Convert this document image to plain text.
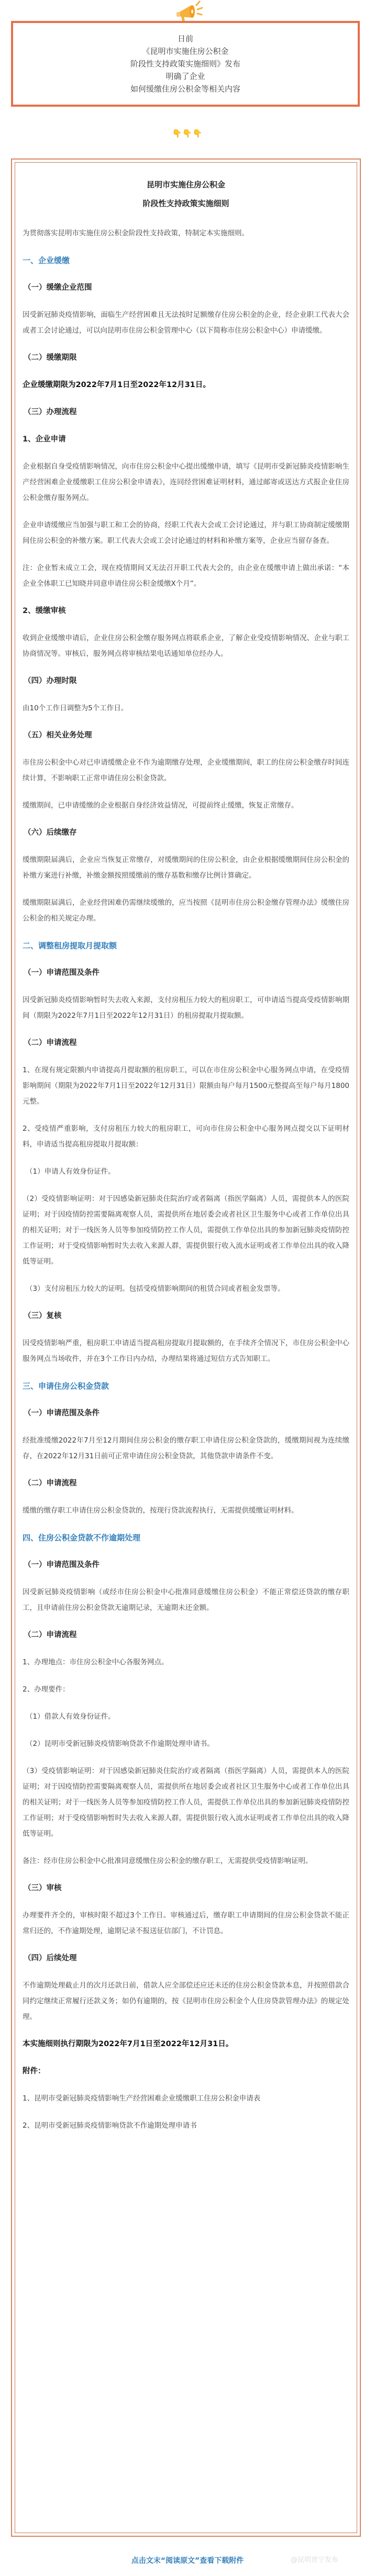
日前
《昆明市实施住房公积金
阶段性支持政策实施细则》发布
明确了企业
如何缓缴住房公积金等相关内容
👇👇👇
昆明市实施住房公积金
阶段性支持政策实施细则

为贯彻落实昆明市实施住房公积金阶段性支持政策，特制定本实施细则。

一、企业缓缴

（一）缓缴企业范围

因受新冠肺炎疫情影响，面临生产经营困难且无法按时足额缴存住房公积金的企业，经企业职工代表大会或者工会讨论通过，可以向昆明市住房公积金管理中心（以下简称市住房公积金中心）申请缓缴。

（二）缓缴期限

企业缓缴期限为2022年7月1日至2022年12月31日。

（三）办理流程

1、企业申请

企业根据自身受疫情影响情况，向市住房公积金中心提出缓缴申请，填写《昆明市受新冠肺炎疫情影响生产经营困难企业缓缴职工住房公积金申请表》，连同经营困难证明材料，通过邮寄或送达方式报企业住房公积金缴存服务网点。

企业申请缓缴应当加强与职工和工会的协商，经职工代表大会或工会讨论通过，并与职工协商制定缓缴期间住房公积金的补缴方案。职工代表大会或工会讨论通过的材料和补缴方案等，企业应当留存备查。

注：企业暂未成立工会，现在疫情期间又无法召开职工代表大会的，由企业在缓缴申请上做出承诺：“本企业全体职工已知晓并同意申请住房公积金缓缴X个月”。

2、缓缴审核

收到企业缓缴申请后，企业住房公积金缴存服务网点将联系企业，了解企业受疫情影响情况、企业与职工协商情况等。审核后，服务网点将审核结果电话通知单位经办人。

（四）办理时限

由10个工作日调整为5个工作日。

（五）相关业务处理

市住房公积金中心对已申请缓缴企业不作为逾期缴存处理，企业缓缴期间，职工的住房公积金缴存时间连续计算，不影响职工正常申请住房公积金贷款。

缓缴期间，已申请缓缴的企业根据自身经济效益情况，可提前终止缓缴，恢复正常缴存。

（六）后续缴存

缓缴期限届满后，企业应当恢复正常缴存，对缓缴期间的住房公积金，由企业根据缓缴期间住房公积金的补缴方案进行补缴，补缴金额按照缓缴前的缴存基数和缴存比例计算确定。

缓缴期限届满后，企业经营困难仍需继续缓缴的，应当按照《昆明市住房公积金缴存管理办法》缓缴住房公积金的相关规定办理。

二、调整租房提取月提取额

（一）申请范围及条件

因受新冠肺炎疫情影响暂时失去收入来源，支付房租压力较大的租房职工，可申请适当提高受疫情影响期间（期限为2022年7月1日至2022年12月31日）的租房提取月提取额。

（二）申请流程

1、在现有规定限额内申请提高月提取额的租房职工，可以在市住房公积金中心服务网点申请，在受疫情影响期间（期限为2022年7月1日至2022年12月31日）限额由每户每月1500元整提高至每户每月1800元整。

2、受疫情严重影响，支付房租压力较大的租房职工，可向市住房公积金中心服务网点提交以下证明材料，申请适当提高租房提取月提取额：

（1）申请人有效身份证件。

（2）受疫情影响证明：对于因感染新冠肺炎住院治疗或者隔离（指医学隔离）人员，需提供本人的医院证明；对于因疫情防控需要隔离观察人员，需提供所在地居委会或者社区卫生服务中心或者工作单位出具的相关证明；对于一线医务人员等参加疫情防控工作人员，需提供工作单位出具的参加新冠肺炎疫情防控工作证明；对于受疫情影响暂时失去收入来源人群，需提供银行收入流水证明或者工作单位出具的收入降低等证明。

（3）支付房租压力较大的证明。包括受疫情影响期间的租赁合同或者租金发票等。

（三）复核

因受疫情影响严重，租房职工申请适当提高租房提取月提取额的，在手续齐全情况下，市住房公积金中心服务网点当场收件，并在3个工作日内办结，办理结果将通过短信方式告知职工。

三、申请住房公积金贷款

（一）申请范围及条件

经批准缓缴2022年7月至12月期间住房公积金的缴存职工申请住房公积金贷款的，缓缴期间视为连续缴存，在2022年12月31日前可正常申请住房公积金贷款，其他贷款申请条件不变。

（二）申请流程

缓缴的缴存职工申请住房公积金贷款的，按现行贷款流程执行，无需提供缓缴证明材料。

四、住房公积金贷款不作逾期处理

（一）申请范围及条件

因受新冠肺炎疫情影响（或经市住房公积金中心批准同意缓缴住房公积金）不能正常偿还贷款的缴存职工，且申请前住房公积金贷款无逾期记录，无逾期未还金额。

（二）申请流程

1、办理地点：市住房公积金中心各服务网点。

2、办理要件：

（1）借款人有效身份证件。

（2）昆明市受新冠肺炎疫情影响贷款不作逾期处理申请书。

（3）受疫情影响证明：对于因感染新冠肺炎住院治疗或者隔离（指医学隔离）人员，需提供本人的医院证明；对于因疫情防控需要隔离观察人员，需提供所在地居委会或者社区卫生服务中心或者工作单位出具的相关证明；对于一线医务人员等参加疫情防控工作人员，需提供工作单位出具的参加新冠肺炎疫情防控工作证明；对于受疫情影响暂时失去收入来源人群，需提供银行收入流水证明或者工作单位出具的收入降低等证明。

备注：经市住房公积金中心批准同意缓缴住房公积金的缴存职工，无需提供受疫情影响证明。

（三）审核

办理要件齐全的，审核时限不超过3个工作日。审核通过后，缴存职工申请期间的住房公积金贷款不能正常归还的，不作逾期处理，逾期记录不报送征信部门，不计罚息。

（四）后续处理

不作逾期处理截止月的次月还款日前，借款人应全部偿还应还未还的住房公积金贷款本息，并按照借款合同约定继续正常履行还款义务；如仍有逾期的，按《昆明市住房公积金个人住房贷款管理办法》的规定处理。

本实施细则执行期限为2022年7月1日至2022年12月31日。

附件：

1、昆明市受新冠肺炎疫情影响生产经营困难企业缓缴职工住房公积金申请表

2、昆明市受新冠肺炎疫情影响贷款不作逾期处理申请书

点击文末“阅读原文”查看下载附件	@昆明晋宁发布
